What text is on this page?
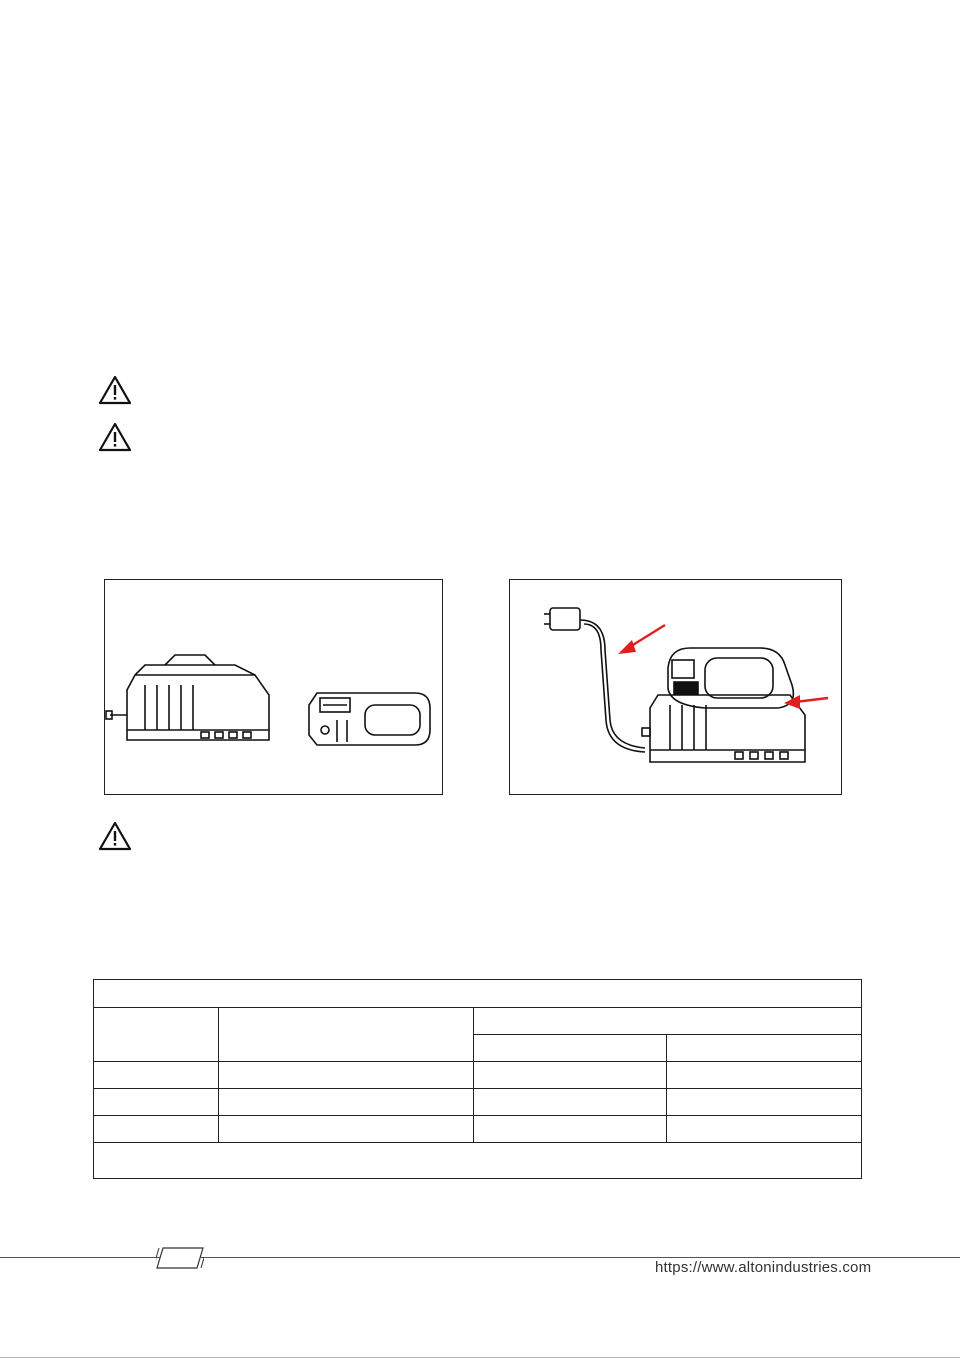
https://www.altonindustries.com
